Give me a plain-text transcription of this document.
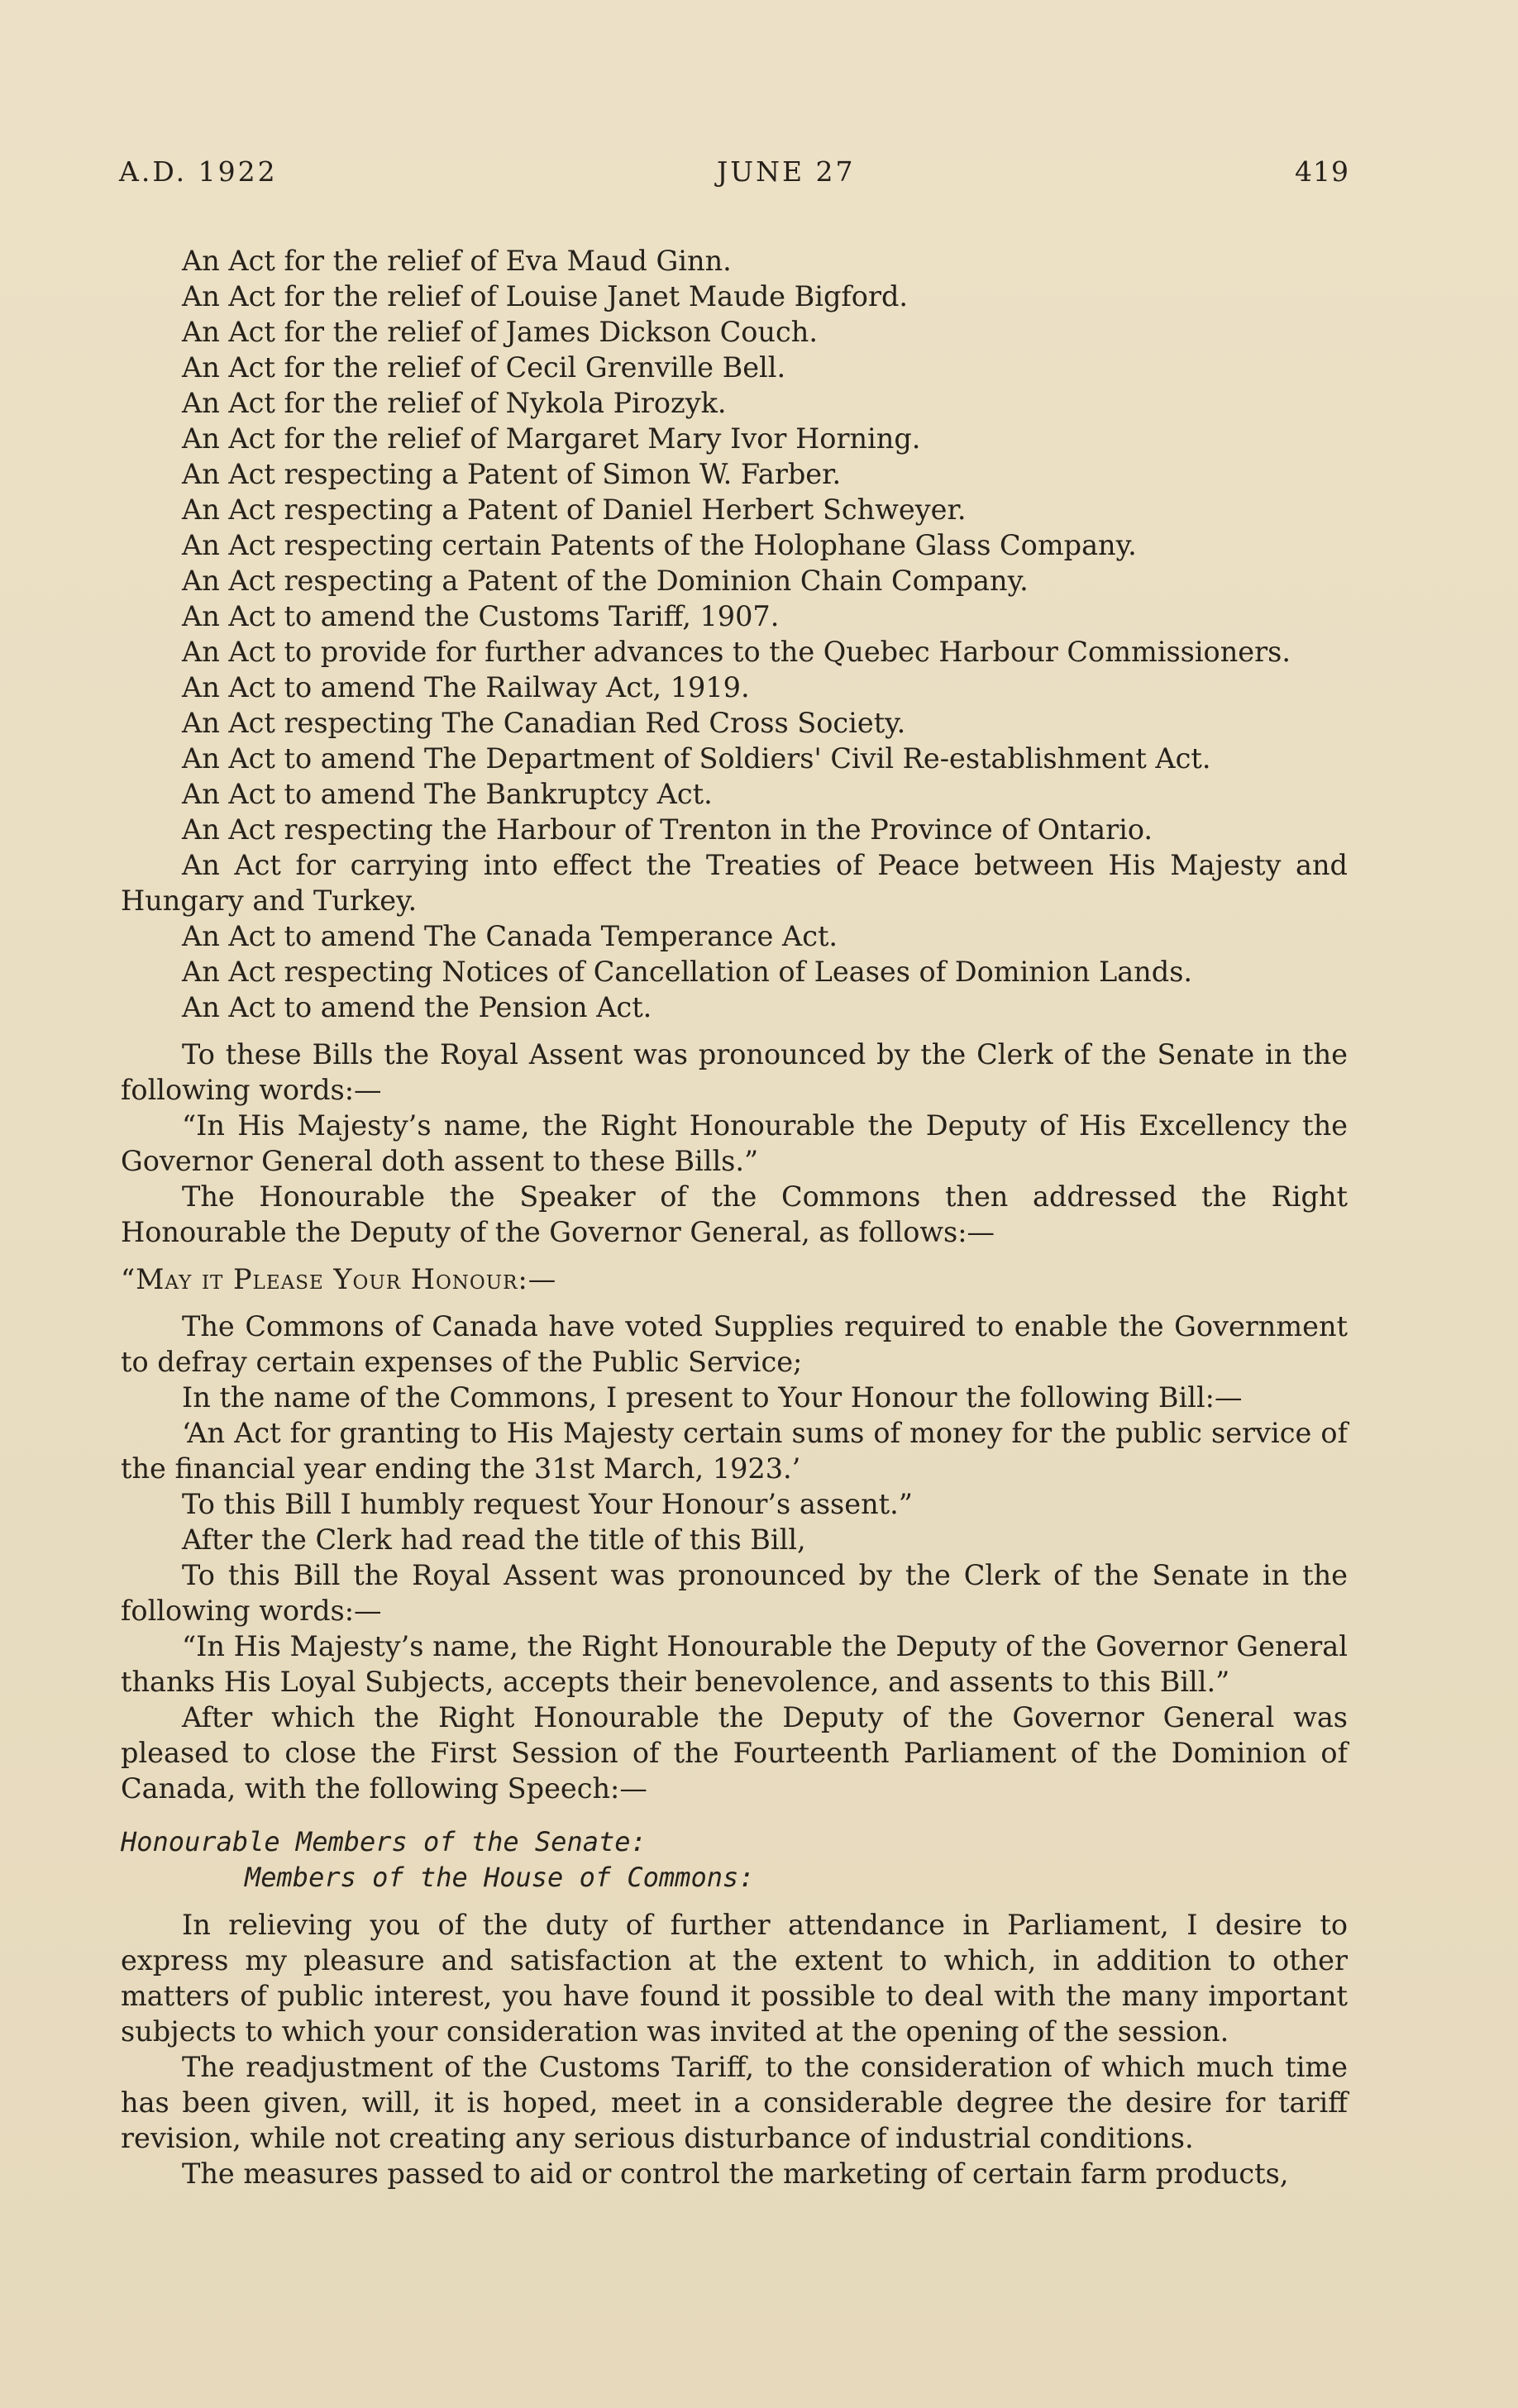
A.D. 1922	JUNE 27	419

An Act for the relief of Eva Maud Ginn.

An Act for the relief of Louise Janet Maude Bigford.

An Act for the relief of James Dickson Couch.

An Act for the relief of Cecil Grenville Bell.

An Act for the relief of Nykola Pirozyk.

An Act for the relief of Margaret Mary Ivor Horning.

An Act respecting a Patent of Simon W. Farber.

An Act respecting a Patent of Daniel Herbert Schweyer.

An Act respecting certain Patents of the Holophane Glass Company.

An Act respecting a Patent of the Dominion Chain Company.

An Act to amend the Customs Tariff, 1907.

An Act to provide for further advances to the Quebec Harbour Commissioners.

An Act to amend The Railway Act, 1919.

An Act respecting The Canadian Red Cross Society.

An Act to amend The Department of Soldiers' Civil Re-establishment Act.

An Act to amend The Bankruptcy Act.

An Act respecting the Harbour of Trenton in the Province of Ontario.

An Act for carrying into effect the Treaties of Peace between His Majesty and Hungary and Turkey.

An Act to amend The Canada Temperance Act.

An Act respecting Notices of Cancellation of Leases of Dominion Lands.

An Act to amend the Pension Act.

To these Bills the Royal Assent was pronounced by the Clerk of the Senate in the following words:—

“In His Majesty’s name, the Right Honourable the Deputy of His Excellency the Governor General doth assent to these Bills.”

The Honourable the Speaker of the Commons then addressed the Right Honourable the Deputy of the Governor General, as follows:—

“May it Please Your Honour:—

The Commons of Canada have voted Supplies required to enable the Government to defray certain expenses of the Public Service;

In the name of the Commons, I present to Your Honour the following Bill:—

‘An Act for granting to His Majesty certain sums of money for the public service of the financial year ending the 31st March, 1923.’

To this Bill I humbly request Your Honour’s assent.”

After the Clerk had read the title of this Bill,

To this Bill the Royal Assent was pronounced by the Clerk of the Senate in the following words:—

“In His Majesty’s name, the Right Honourable the Deputy of the Governor General thanks His Loyal Subjects, accepts their benevolence, and assents to this Bill.”

After which the Right Honourable the Deputy of the Governor General was pleased to close the First Session of the Fourteenth Parliament of the Dominion of Canada, with the following Speech:—

Honourable Members of the Senate:

Members of the House of Commons:

In relieving you of the duty of further attendance in Parliament, I desire to express my pleasure and satisfaction at the extent to which, in addition to other matters of public interest, you have found it possible to deal with the many important subjects to which your consideration was invited at the opening of the session.

The readjustment of the Customs Tariff, to the consideration of which much time has been given, will, it is hoped, meet in a considerable degree the desire for tariff revision, while not creating any serious disturbance of industrial conditions.

The measures passed to aid or control the marketing of certain farm products,
